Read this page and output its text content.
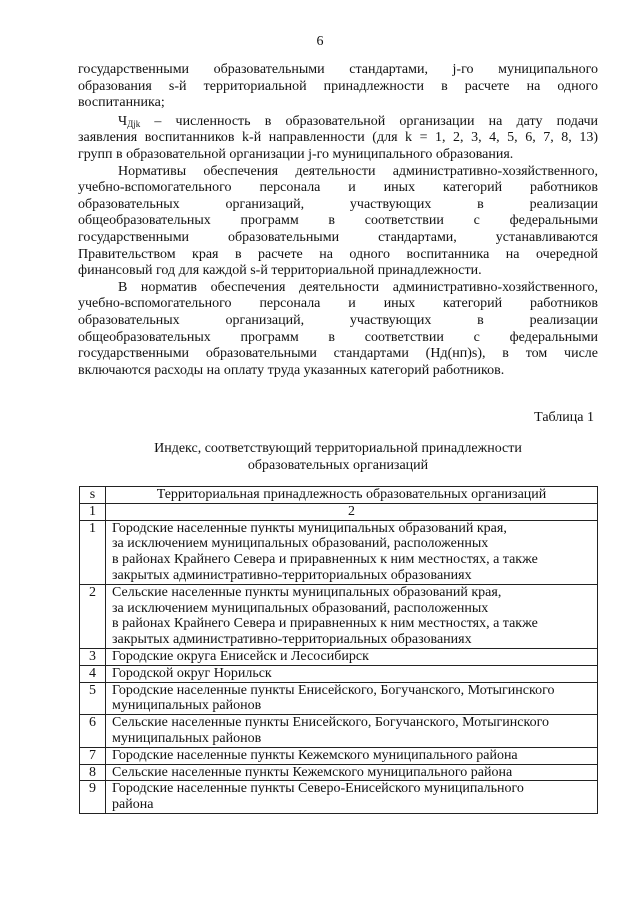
6
государственными образовательными стандартами, j-го муниципального
образования s-й территориальной принадлежности в расчете на одного
воспитанника;
$Ч_{Дjk}$ – численность в образовательной организации на дату подачи
заявления воспитанников k-й направленности (для k = 1, 2, 3, 4, 5, 6, 7, 8, 13)
групп в образовательной организации j-го муниципального образования.
Нормативы обеспечения деятельности административно-хозяйственного,
учебно-вспомогательного персонала и иных категорий работников
образовательных организаций, участвующих в реализации
общеобразовательных программ в соответствии с федеральными
государственными образовательными стандартами, устанавливаются
Правительством края в расчете на одного воспитанника на очередной
финансовый год для каждой s-й территориальной принадлежности.
В норматив обеспечения деятельности административно-хозяйственного,
учебно-вспомогательного персонала и иных категорий работников
образовательных организаций, участвующих в реализации
общеобразовательных программ в соответствии с федеральными
государственными образовательными стандартами (Нд(нп)s), в том числе
включаются расходы на оплату труда указанных категорий работников.
Таблица 1
Индекс, соответствующий территориальной принадлежности
образовательных организаций
s	Территориальная принадлежность образовательных организаций
1	2
1	Городские населенные пункты муниципальных образований края,
за исключением муниципальных образований, расположенных
в районах Крайнего Севера и приравненных к ним местностях, а также
закрытых административно-территориальных образованиях

2	Сельские населенные пункты муниципальных образований края,
за исключением муниципальных образований, расположенных
в районах Крайнего Севера и приравненных к ним местностях, а также
закрытых административно-территориальных образованиях

3	Городские округа Енисейск и Лесосибирск

4	Городской округ Норильск

5	Городские населенные пункты Енисейского, Богучанского, Мотыгинского
муниципальных районов

6	Сельские населенные пункты Енисейского, Богучанского, Мотыгинского
муниципальных районов

7	Городские населенные пункты Кежемского муниципального района

8	Сельские населенные пункты Кежемского муниципального района

9	Городские населенные пункты Северо-Енисейского муниципального
района
